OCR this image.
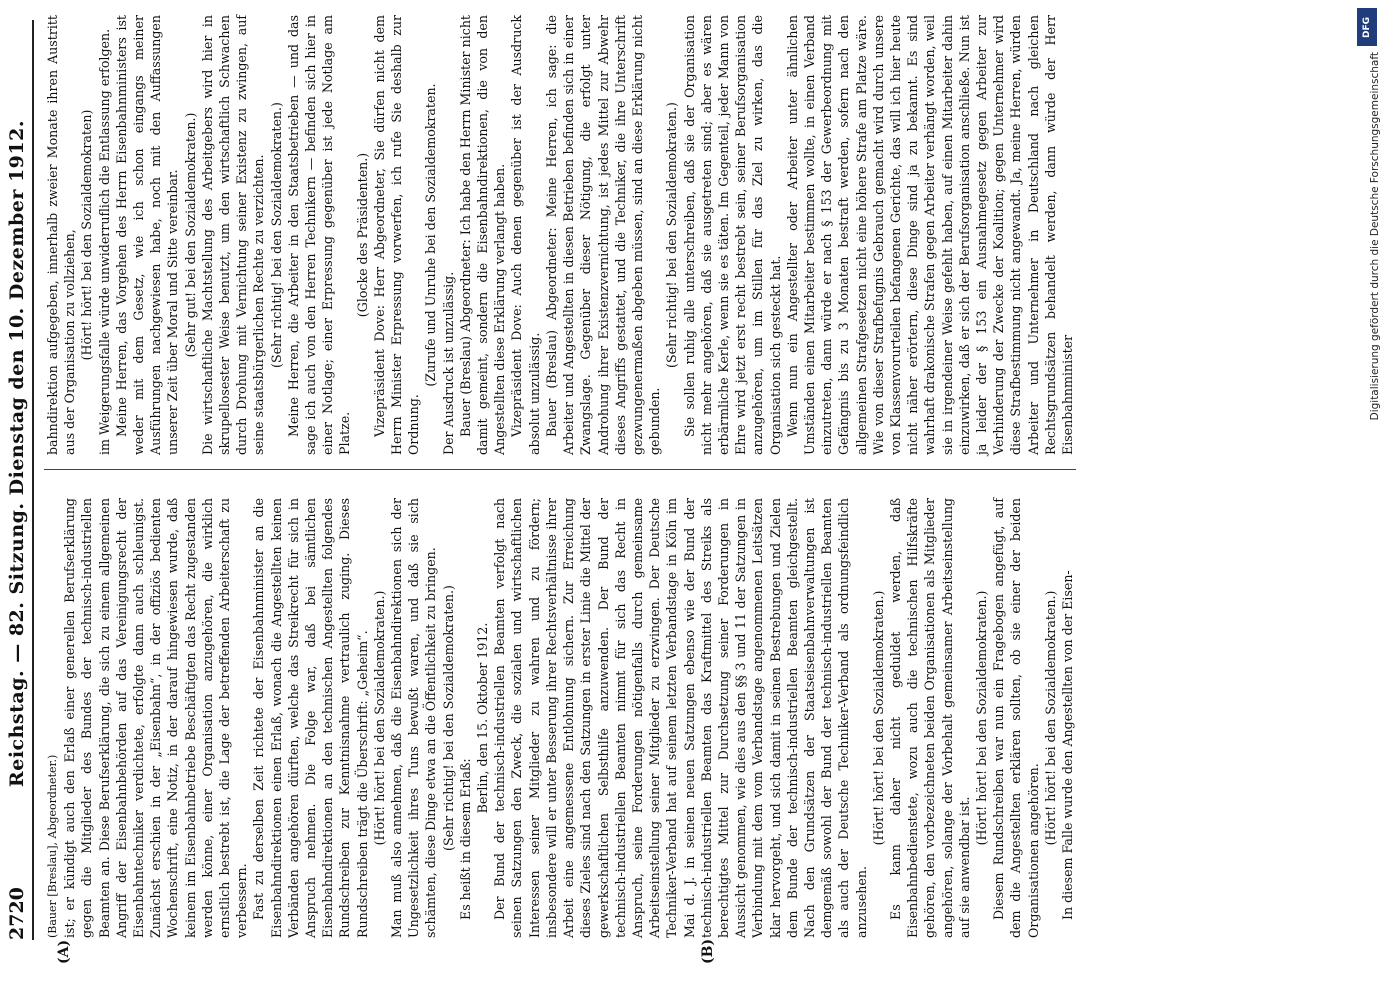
DFG
Digitalisierung gefördert durch die Deutsche Forschungsgemeinschaft
2720
Reichstag. — 82. Sitzung. Dienstag den 10. Dezember 1912.
(A)	(B)

(Bauer [Breslau], Abgeordneter.) ist; er kündigt auch den Erlaß einer generellen Berufserklärung gegen die Mitglieder des Bundes der technisch-industriellen Beamten an. Diese Berufserklärung, die sich zu einem allgemeinen Angriff der Eisenbahnbehörden auf das Vereinigungsrecht der Eisenbahntechniker verdichtete, erfolgte dann auch schleunigst. Zunächst erschien in der „Eisenbahn“, in der offiziös bedienten Wochenschrift, eine Notiz, in der darauf hingewiesen wurde, daß keinem im Eisenbahnbetriebe Beschäftigten das Recht zugestanden werden könne, einer Organisation anzugehören, die wirklich ernstlich bestrebt ist, die Lage der betreffenden Arbeiterschaft zu verbessern. Fast zu derselben Zeit richtete der Eisenbahnminister an die Eisenbahndirektionen einen Erlaß, wonach die Angestellten keinen Verbänden angehören dürften, welche das Streikrecht für sich in Anspruch nehmen. Die Folge war, daß bei sämtlichen Eisenbahndirektionen an den technischen Angestellten folgendes Rundschreiben zur Kenntnisnahme vertraulich zuging. Dieses Rundschreiben trägt die Überschrift: „Geheim“. (Hört! hört! bei den Sozialdemokraten.) Man muß also annehmen, daß die Eisenbahndirektionen sich der Ungesetzlichkeit ihres Tuns bewußt waren, und daß sie sich schämten, diese Dinge etwa an die Öffentlichkeit zu bringen. (Sehr richtig! bei den Sozialdemokraten.) Es heißt in diesem Erlaß:

Berlin, den 15. Oktober 1912. Der Bund der technisch-industriellen Beamten verfolgt nach seinen Satzungen den Zweck, die sozialen und wirtschaftlichen Interessen seiner Mitglieder zu wahren und zu fördern; insbesondere will er unter Besserung ihrer Rechtsverhältnisse ihrer Arbeit eine angemessene Entlohnung sichern. Zur Erreichung dieses Zieles sind nach den Satzungen in erster Linie die Mittel der gewerkschaftlichen Selbsthilfe anzuwenden. Der Bund der technisch-industriellen Beamten nimmt für sich das Recht in Anspruch, seine Forderungen nötigenfalls durch gemeinsame Arbeitseinstellung seiner Mitglieder zu erzwingen. Der Deutsche Techniker-Verband hat auf seinem letzten Verbandstage in Köln im Mai d. J. in seinen neuen Satzungen ebenso wie der Bund der technisch-industriellen Beamten das Kraftmittel des Streiks als berechtigtes Mittel zur Durchsetzung seiner Forderungen in Aussicht genommen, wie dies aus den §§ 3 und 11 der Satzungen in Verbindung mit dem vom Verbandstage angenommenen Leitsätzen klar hervorgeht, und sich damit in seinen Bestrebungen und Zielen dem Bunde der technisch-industriellen Beamten gleichgestellt. Nach den Grundsätzen der Staatseisenbahnverwaltungen ist demgemäß sowohl der Bund der technisch-industriellen Beamten als auch der Deutsche Techniker-Verband als ordnungsfeindlich anzusehen.

(Hört! hört! bei den Sozialdemokraten.) Es kann daher nicht geduldet werden, daß Eisenbahnbedienstete, wozu auch die technischen Hilfskräfte gehören, den vorbezeichneten beiden Organisationen als Mitglieder angehören, solange der Vorbehalt gemeinsamer Arbeitseinstellung auf sie anwendbar ist.

(Hört! hört! bei den Sozialdemokraten.) Diesem Rundschreiben war nun ein Fragebogen angefügt, auf dem die Angestellten erklären sollten, ob sie einer der beiden Organisationen angehören.

(Hört! hört! bei den Sozialdemokraten.) In diesem Falle wurde den Angestellten von der Eisen-

bahndirektion aufgegeben, innerhalb zweier Monate ihren Austritt aus der Organisation zu vollziehen, (Hört! hört! bei den Sozialdemokraten) im Weigerungsfalle würde unwiderruflich die Entlassung erfolgen. Meine Herren, das Vorgehen des Herrn Eisenbahnministers ist weder mit dem Gesetz, wie ich schon eingangs meiner Ausführungen nachgewiesen habe, noch mit den Auffassungen unserer Zeit über Moral und Sitte vereinbar. (Sehr gut! bei den Sozialdemokraten.) Die wirtschaftliche Machtstellung des Arbeitgebers wird hier in skrupellosester Weise benutzt, um den wirtschaftlich Schwachen durch Drohung mit Vernichtung seiner Existenz zu zwingen, auf seine staatsbürgerlichen Rechte zu verzichten. (Sehr richtig! bei den Sozialdemokraten.) Meine Herren, die Arbeiter in den Staatsbetrieben — und das sage ich auch von den Herren Technikern — befinden sich hier in einer Notlage; einer Erpressung gegenüber ist jede Notlage am Platze.

(Glocke des Präsidenten.) Vizepräsident Dove: Herr Abgeordneter, Sie dürfen nicht dem Herrn Minister Erpressung vorwerfen, ich rufe Sie deshalb zur Ordnung.

(Zurufe und Unruhe bei den Sozialdemokraten. Der Ausdruck ist unzulässig. Bauer (Breslau) Abgeordneter: Ich habe den Herrn Minister nicht damit gemeint, sondern die Eisenbahndirektionen, die von den Angestellten diese Erklärung verlangt haben. Vizepräsident Dove: Auch denen gegenüber ist der Ausdruck absolut unzulässig. Bauer (Breslau) Abgeordneter: Meine Herren, ich sage: die Arbeiter und Angestellten in diesen Betrieben befinden sich in einer Zwangslage. Gegenüber dieser Nötigung, die erfolgt unter Androhung ihrer Existenzvernichtung, ist jedes Mittel zur Abwehr dieses Angriffs gestattet, und die Techniker, die ihre Unterschrift gezwungenermaßen abgeben müssen, sind an diese Erklärung nicht gebunden.

(Sehr richtig! bei den Sozialdemokraten.) Sie sollen ruhig alle unterschreiben, daß sie der Organisation nicht mehr angehören, daß sie ausgetreten sind; aber es wären erbärmliche Kerle, wenn sie es täten. Im Gegenteil, jeder Mann von Ehre wird jetzt erst recht bestrebt sein, seiner Berufsorganisation anzugehören, um im Stillen für das Ziel zu wirken, das die Organisation sich gesteckt hat. Wenn nun ein Angestellter oder Arbeiter unter ähnlichen Umständen einen Mitarbeiter bestimmen wollte, in einen Verband einzutreten, dann würde er nach § 153 der Gewerbeordnung mit Gefängnis bis zu 3 Monaten bestraft werden, sofern nach den allgemeinen Strafgesetzen nicht eine höhere Strafe am Platze wäre. Wie von dieser Strafbefugnis Gebrauch gemacht wird durch unsere von Klassenvorurteilen befangenen Gerichte, das will ich hier heute nicht näher erörtern, diese Dinge sind ja zu bekannt. Es sind wahrhaft drakonische Strafen gegen Arbeiter verhängt worden, weil sie in irgendeiner Weise gefehlt haben, auf einen Mitarbeiter dahin einzuwirken, daß er sich der Berufsorganisation anschließe. Nun ist ja leider der § 153 ein Ausnahmegesetz gegen Arbeiter zur Verhinderung der Zwecke der Koalition; gegen Unternehmer wird diese Strafbestimmung nicht angewandt. Ja, meine Herren, würden Arbeiter und Unternehmer in Deutschland nach gleichen Rechtsgrundsätzen behandelt werden, dann würde der Herr Eisenbahnminister
